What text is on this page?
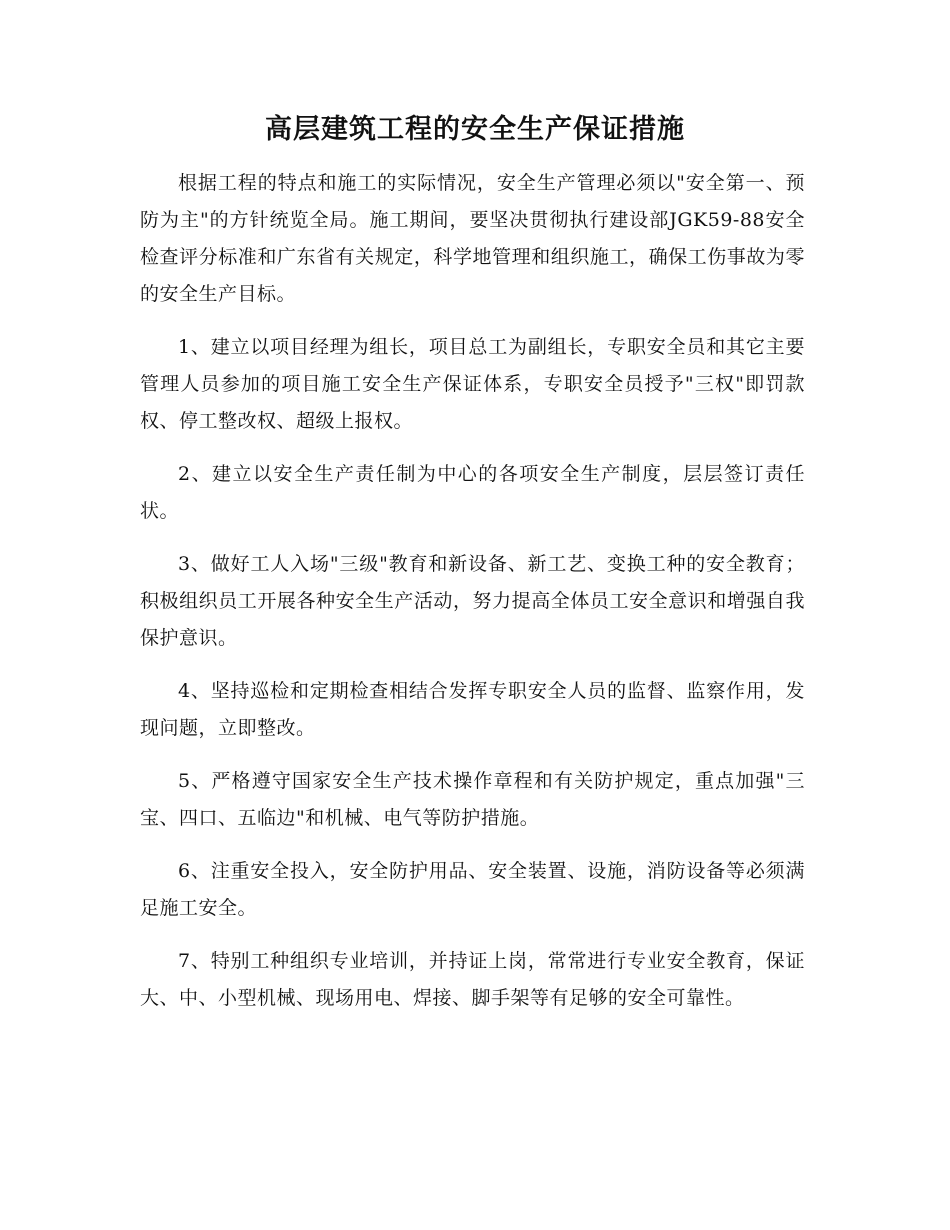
高层建筑工程的安全生产保证措施

根据工程的特点和施工的实际情况，安全生产管理必须以"安全第一、预防为主"的方针统览全局。施工期间，要坚决贯彻执行建设部JGK59-88安全检查评分标准和广东省有关规定，科学地管理和组织施工，确保工伤事故为零的安全生产目标。

1、建立以项目经理为组长，项目总工为副组长，专职安全员和其它主要管理人员参加的项目施工安全生产保证体系，专职安全员授予"三权"即罚款权、停工整改权、超级上报权。

2、建立以安全生产责任制为中心的各项安全生产制度，层层签订责任状。

3、做好工人入场"三级"教育和新设备、新工艺、变换工种的安全教育；积极组织员工开展各种安全生产活动，努力提高全体员工安全意识和增强自我保护意识。

4、坚持巡检和定期检查相结合发挥专职安全人员的监督、监察作用，发现问题，立即整改。

5、严格遵守国家安全生产技术操作章程和有关防护规定，重点加强"三宝、四口、五临边"和机械、电气等防护措施。

6、注重安全投入，安全防护用品、安全装置、设施，消防设备等必须满足施工安全。

7、特别工种组织专业培训，并持证上岗，常常进行专业安全教育，保证大、中、小型机械、现场用电、焊接、脚手架等有足够的安全可靠性。
